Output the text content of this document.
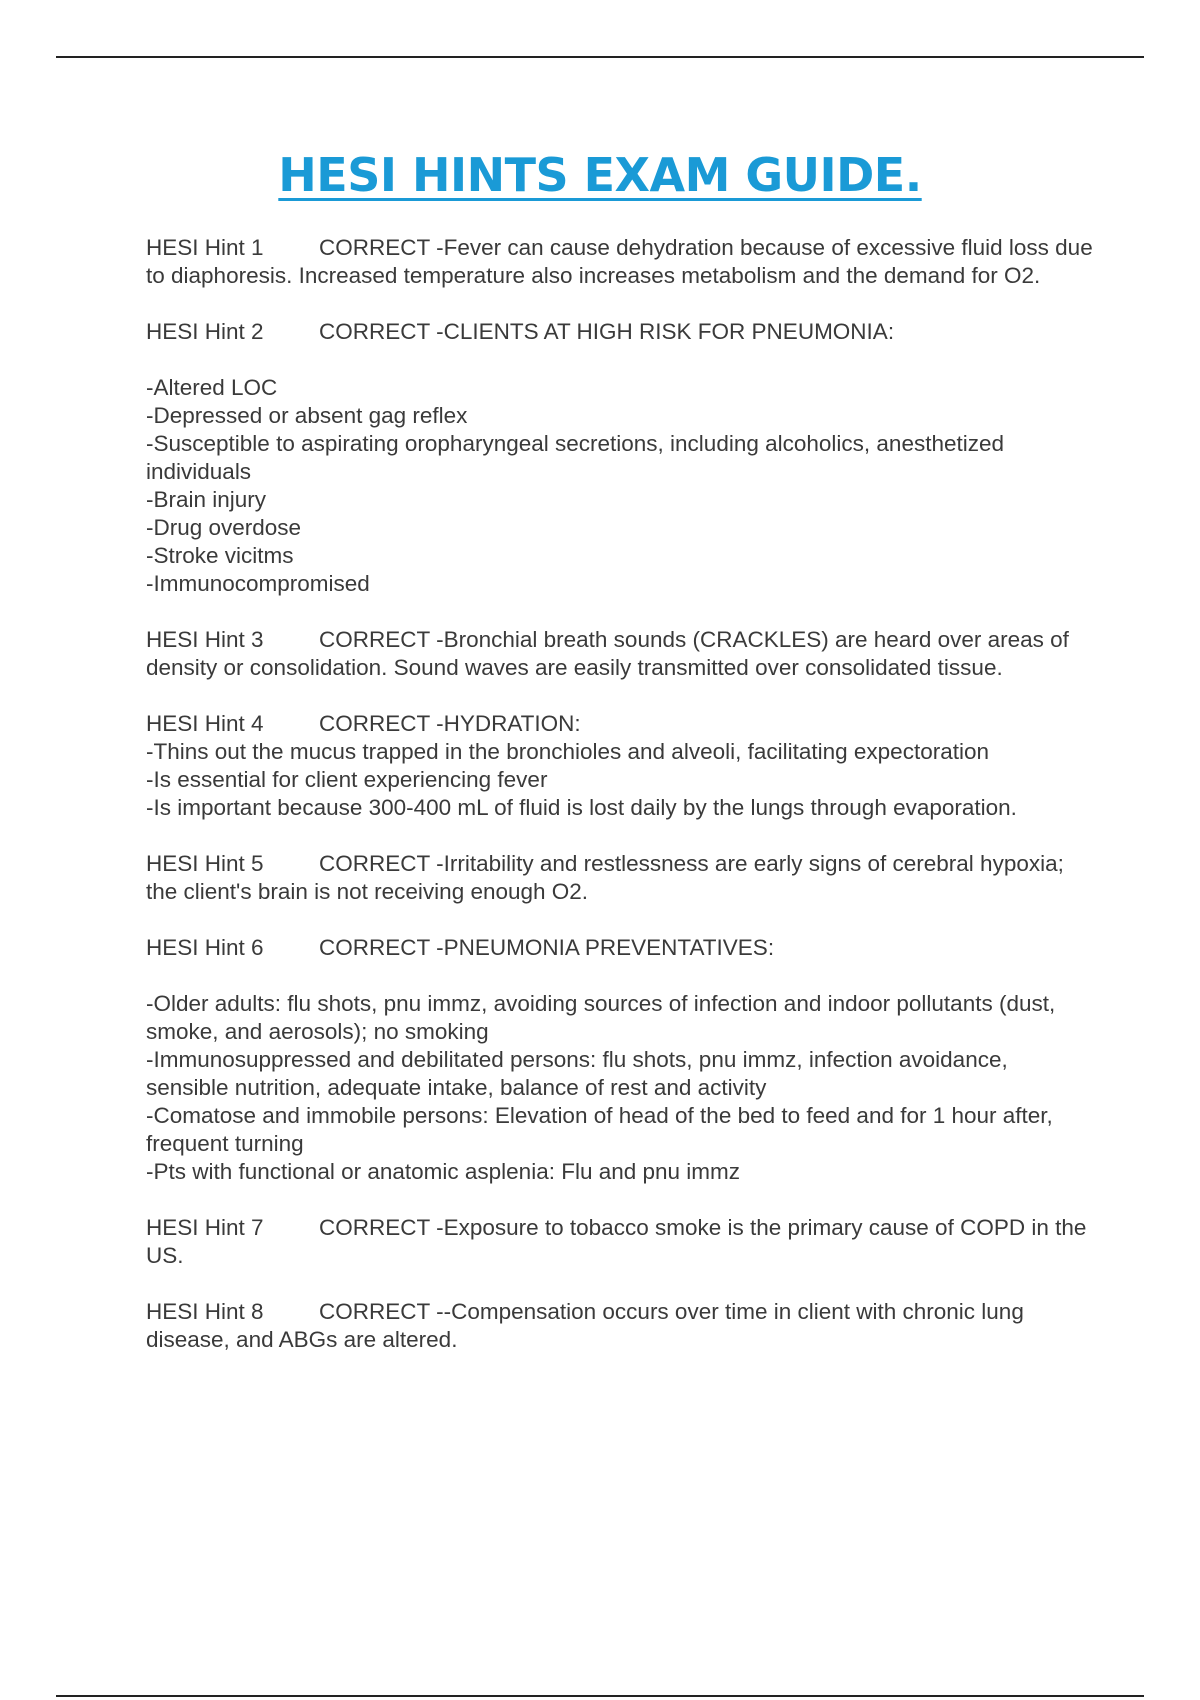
HESI HINTS EXAM GUIDE.

HESI Hint 1 CORRECT -Fever can cause dehydration because of excessive fluid loss due to diaphoresis. Increased temperature also increases metabolism and the demand for O2.

HESI Hint 2 CORRECT -CLIENTS AT HIGH RISK FOR PNEUMONIA:

-Altered LOC
-Depressed or absent gag reflex
-Susceptible to aspirating oropharyngeal secretions, including alcoholics, anesthetized individuals
-Brain injury
-Drug overdose
-Stroke vicitms
-Immunocompromised

HESI Hint 3 CORRECT -Bronchial breath sounds (CRACKLES) are heard over areas of density or consolidation. Sound waves are easily transmitted over consolidated tissue.

HESI Hint 4 CORRECT -HYDRATION:

-Thins out the mucus trapped in the bronchioles and alveoli, facilitating expectoration
-Is essential for client experiencing fever
-Is important because 300-400 mL of fluid is lost daily by the lungs through evaporation.

HESI Hint 5 CORRECT -Irritability and restlessness are early signs of cerebral hypoxia; the client's brain is not receiving enough O2.

HESI Hint 6 CORRECT -PNEUMONIA PREVENTATIVES:

-Older adults: flu shots, pnu immz, avoiding sources of infection and indoor pollutants (dust, smoke, and aerosols); no smoking
-Immunosuppressed and debilitated persons: flu shots, pnu immz, infection avoidance, sensible nutrition, adequate intake, balance of rest and activity
-Comatose and immobile persons: Elevation of head of the bed to feed and for 1 hour after, frequent turning
-Pts with functional or anatomic asplenia: Flu and pnu immz

HESI Hint 7 CORRECT -Exposure to tobacco smoke is the primary cause of COPD in the US.

HESI Hint 8 CORRECT --Compensation occurs over time in client with chronic lung disease, and ABGs are altered.
